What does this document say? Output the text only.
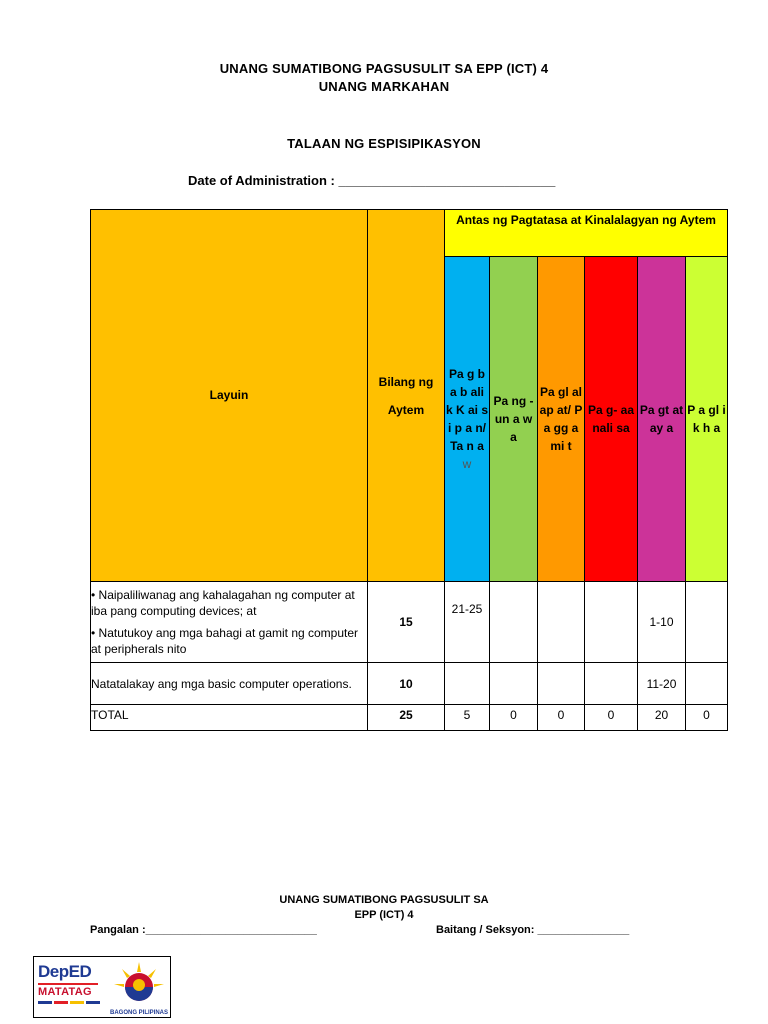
UNANG SUMATIBONG PAGSUSULIT SA EPP (ICT) 4
UNANG MARKAHAN
TALAAN NG ESPISIPIKASYON
Date of Administration : ______________________________
Layuin	Bilang ng Aytem	Antas ng Pagtatasa at Kinalalagyan ng Aytem					
		Pa g b a b ali k K ai si p a n/ Ta n a w	Pa ng - un a w a	Pa gl al ap at/ Pa gg a mi t	Pa g- aa nali sa	Pa gt at ay a	P a gl ik h a

• Naipaliliwanag ang kahalagahan ng computer at iba pang computing devices; at
• Natutukoy ang mga bahagi at gamit ng computer at peripherals nito	15	21-25				1-10	
Natatalakay ang mga basic computer operations.	10					11-20	
TOTAL	25	5	0	0	0	20	0
UNANG SUMATIBONG PAGSUSULIT SA
EPP (ICT) 4
Pangalan :____________________________	Baitang / Seksyon: _______________
DepED
MATATAG
BAGONG PILIPINAS
